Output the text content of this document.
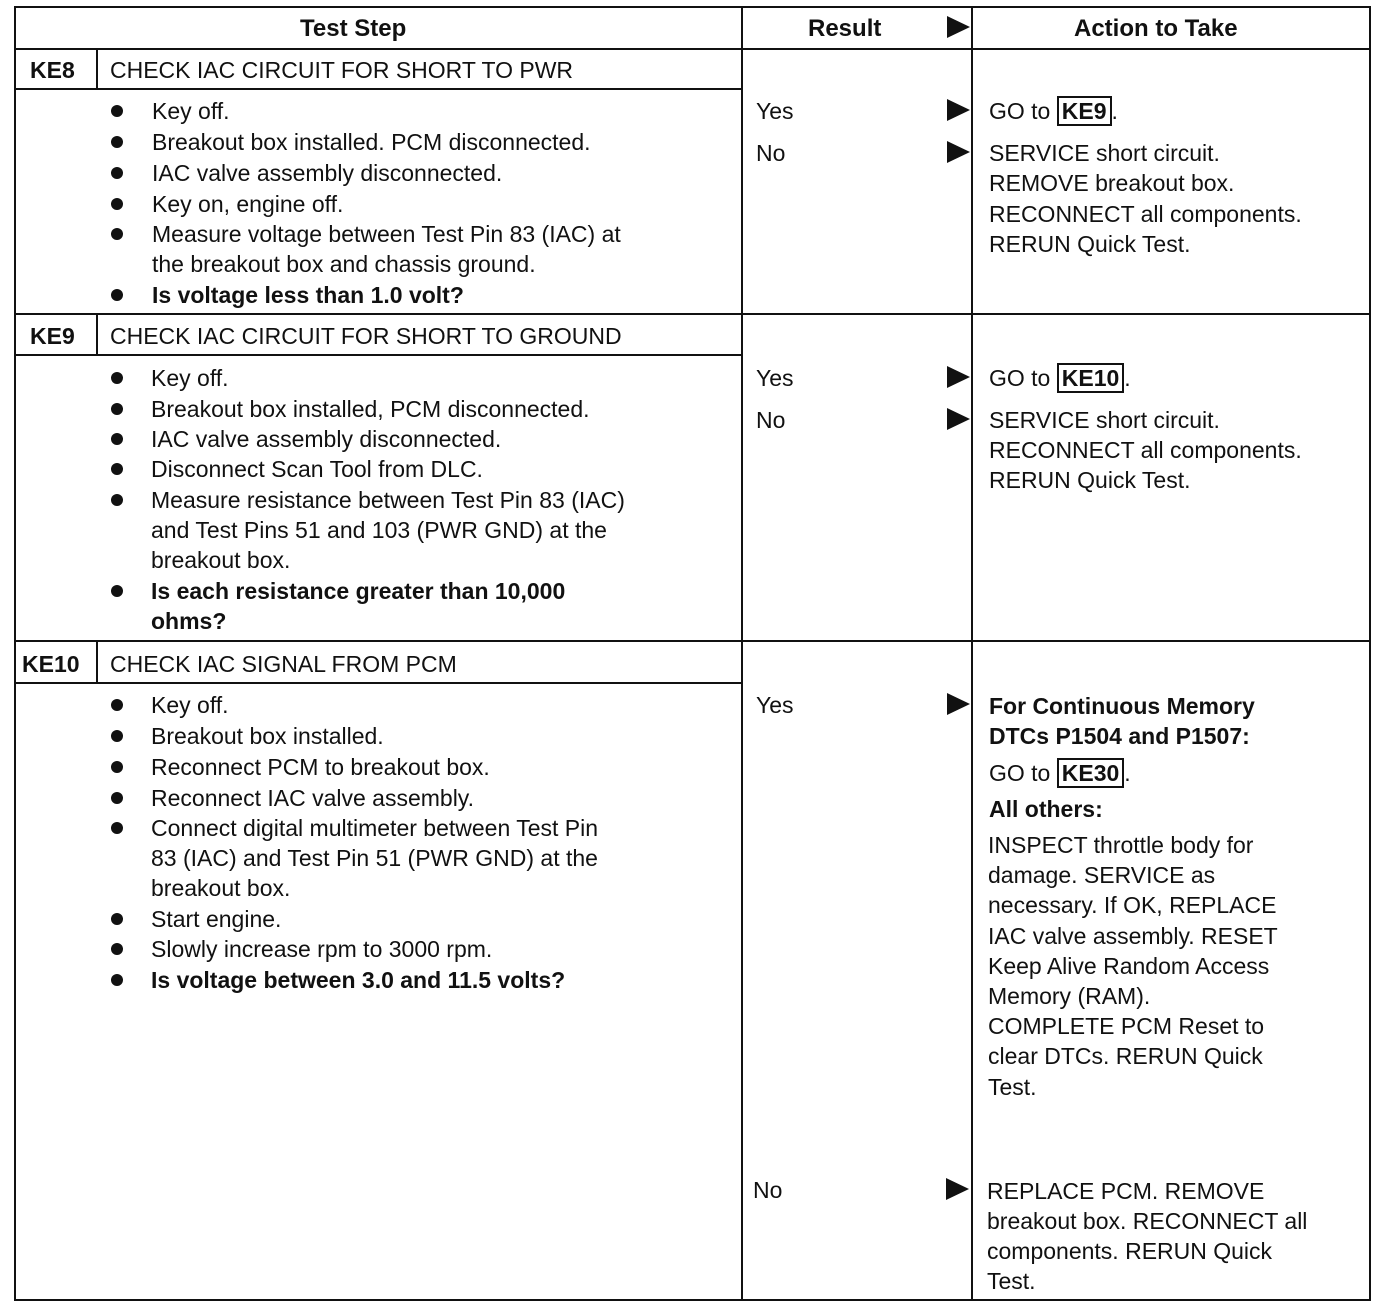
Test Step	Result	Action to Take
KE8 CHECK IAC CIRCUIT FOR SHORT TO PWR
Key off.
Breakout box installed. PCM disconnected.
IAC valve assembly disconnected.
Key on, engine off.
Measure voltage between Test Pin 83 (IAC) at
the breakout box and chassis ground.
Is voltage less than 1.0 volt?
Yes	GO to KE9 .
No	SERVICE short circuit.
REMOVE breakout box.
RECONNECT all components.
RERUN Quick Test.
KE9 CHECK IAC CIRCUIT FOR SHORT TO GROUND
Key off.
Breakout box installed, PCM disconnected.
IAC valve assembly disconnected.
Disconnect Scan Tool from DLC.
Measure resistance between Test Pin 83 (IAC)
and Test Pins 51 and 103 (PWR GND) at the
breakout box.
Is each resistance greater than 10,000
ohms?
Yes	GO to KE10 .
No	SERVICE short circuit.
RECONNECT all components.
RERUN Quick Test.
KE10 CHECK IAC SIGNAL FROM PCM
Key off.
Breakout box installed.
Reconnect PCM to breakout box.
Reconnect IAC valve assembly.
Connect digital multimeter between Test Pin
83 (IAC) and Test Pin 51 (PWR GND) at the
breakout box.
Start engine.
Slowly increase rpm to 3000 rpm.
Is voltage between 3.0 and 11.5 volts?
Yes	For Continuous Memory
DTCs P1504 and P1507:
GO to KE30 .
All others:
INSPECT throttle body for
damage. SERVICE as
necessary. If OK, REPLACE
IAC valve assembly. RESET
Keep Alive Random Access
Memory (RAM).
COMPLETE PCM Reset to
clear DTCs. RERUN Quick
Test.
No	REPLACE PCM. REMOVE
breakout box. RECONNECT all
components. RERUN Quick
Test.
